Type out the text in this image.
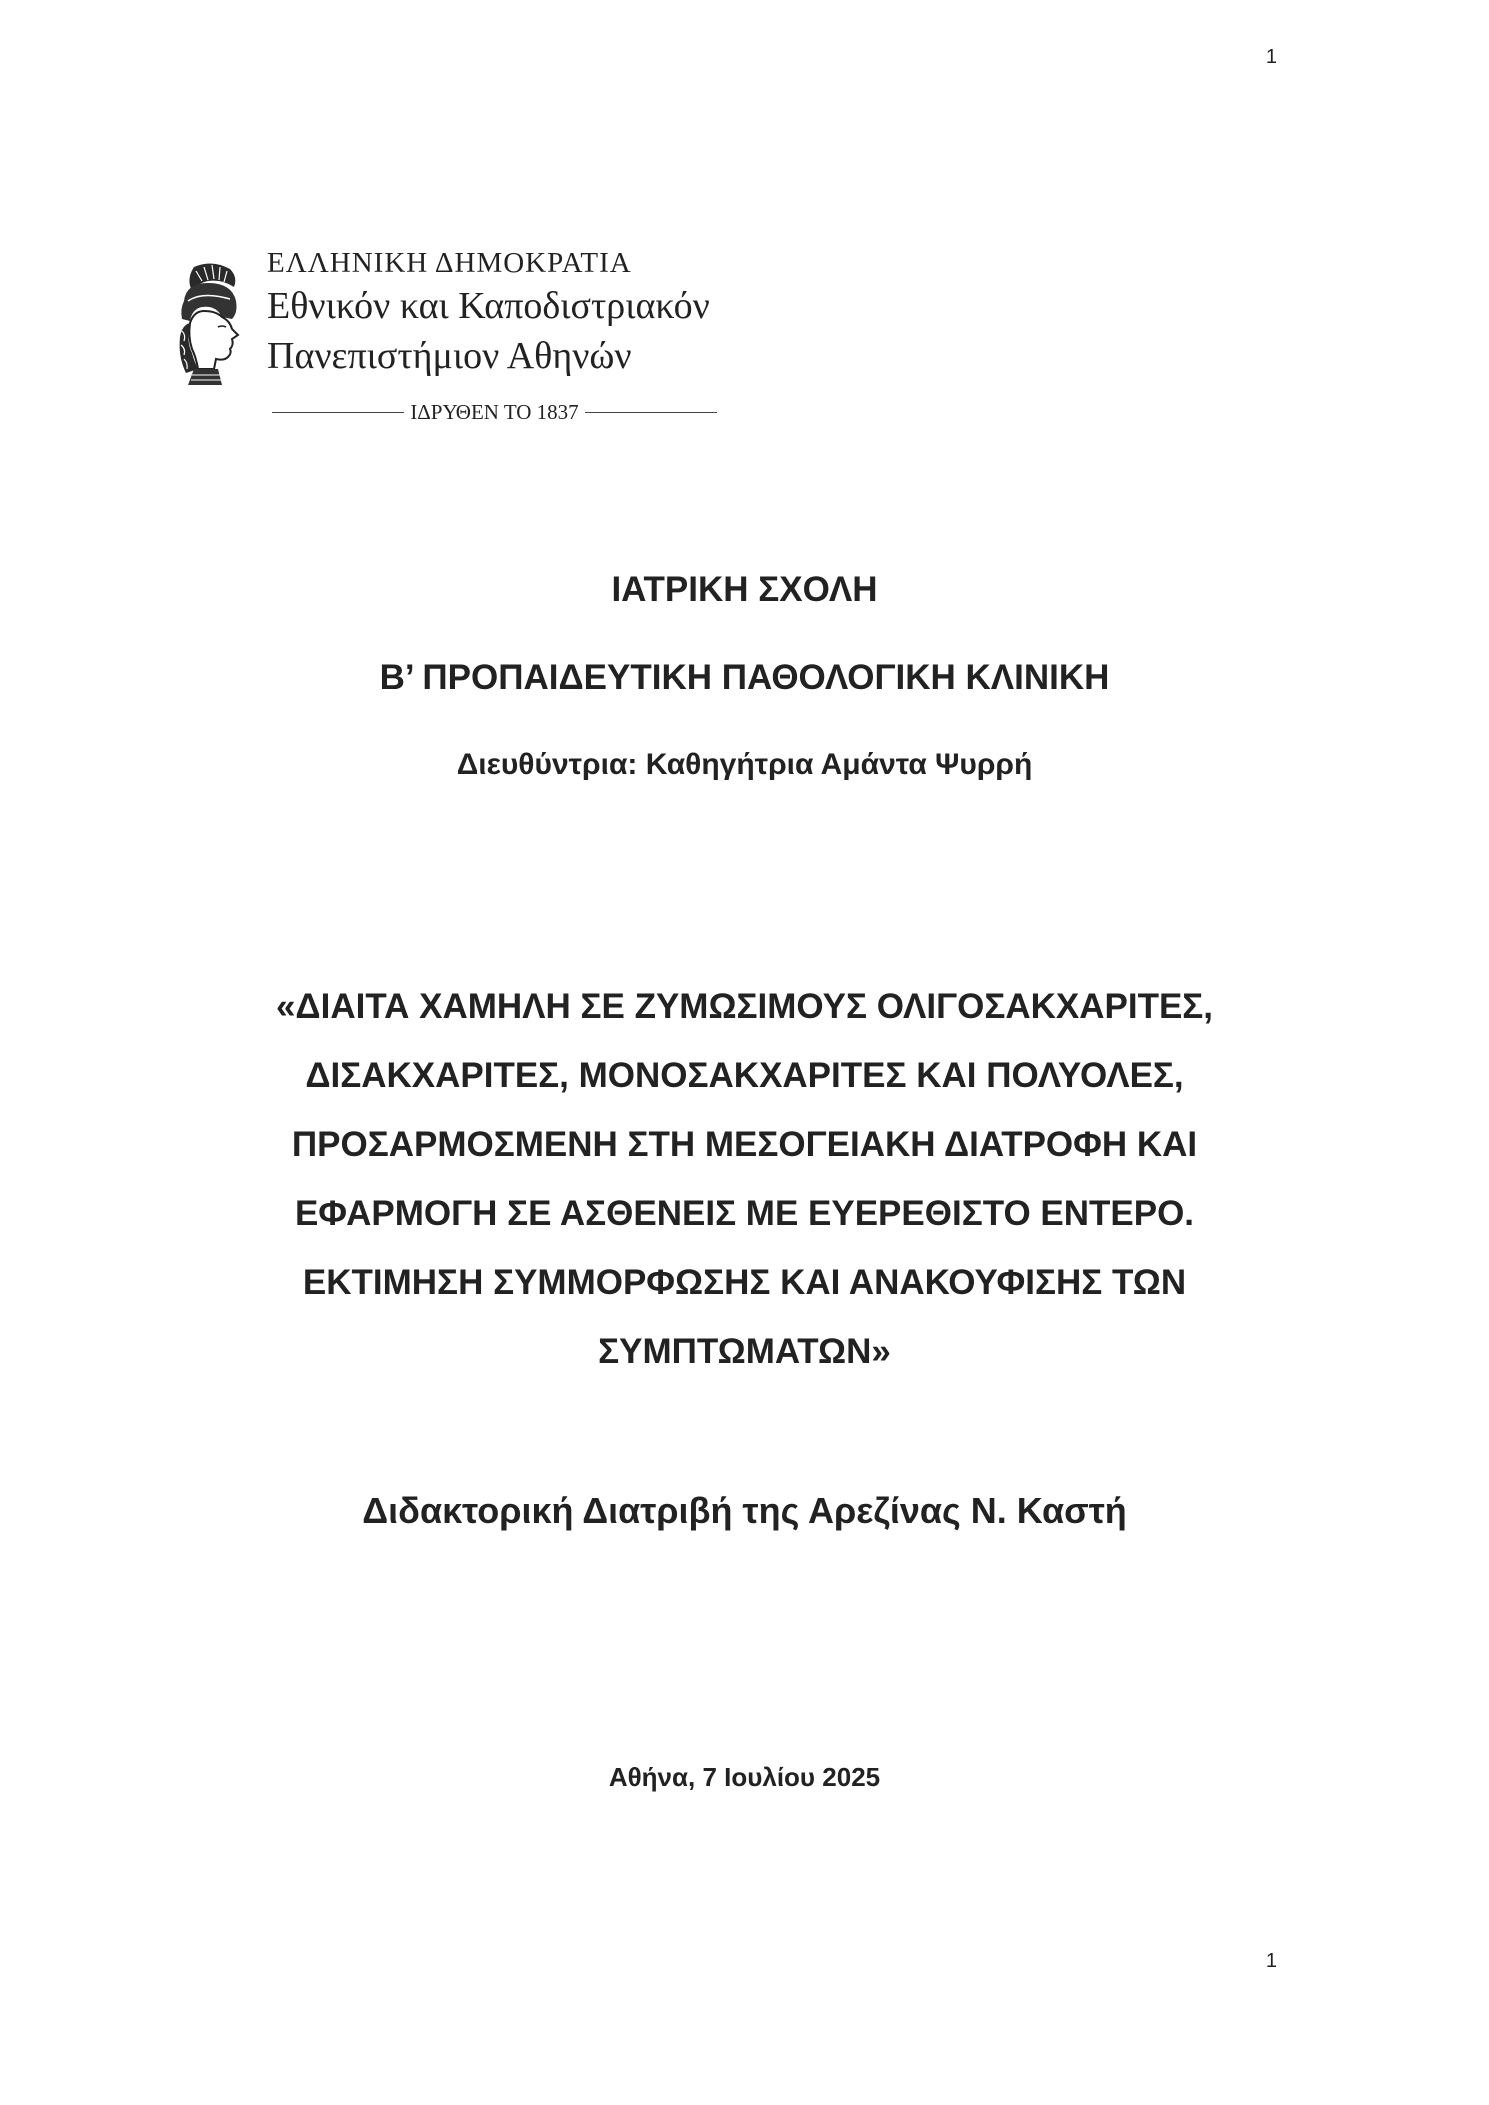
1
ΕΛΛΗΝΙΚΗ ΔΗΜΟΚΡΑΤΙΑ
Εθνικόν και Καποδιστριακόν
Πανεπιστήμιον Αθηνών
ΙΔΡΥΘΕΝ ΤΟ 1837
ΙΑΤΡΙΚΗ ΣΧΟΛΗ
Β’ ΠΡΟΠΑΙΔΕΥΤΙΚΗ ΠΑΘΟΛΟΓΙΚΗ ΚΛΙΝΙΚΗ
Διευθύντρια: Καθηγήτρια Αμάντα Ψυρρή
«ΔΙΑΙΤΑ ΧΑΜΗΛΗ ΣΕ ΖΥΜΩΣΙΜΟΥΣ ΟΛΙΓΟΣΑΚΧΑΡΙΤΕΣ,
ΔΙΣΑΚΧΑΡΙΤΕΣ, ΜΟΝΟΣΑΚΧΑΡΙΤΕΣ ΚΑΙ ΠΟΛΥΟΛΕΣ,
ΠΡΟΣΑΡΜΟΣΜΕΝΗ ΣΤΗ ΜΕΣΟΓΕΙΑΚΗ ΔΙΑΤΡΟΦΗ ΚΑΙ
ΕΦΑΡΜΟΓΗ ΣΕ ΑΣΘΕΝΕΙΣ ΜΕ ΕΥΕΡΕΘΙΣΤΟ ΕΝΤΕΡΟ.
ΕΚΤΙΜΗΣΗ ΣΥΜΜΟΡΦΩΣΗΣ ΚΑΙ ΑΝΑΚΟΥΦΙΣΗΣ ΤΩΝ
ΣΥΜΠΤΩΜΑΤΩΝ»
Διδακτορική Διατριβή της Αρεζίνας Ν. Καστή
Αθήνα, 7 Ιουλίου 2025
1
